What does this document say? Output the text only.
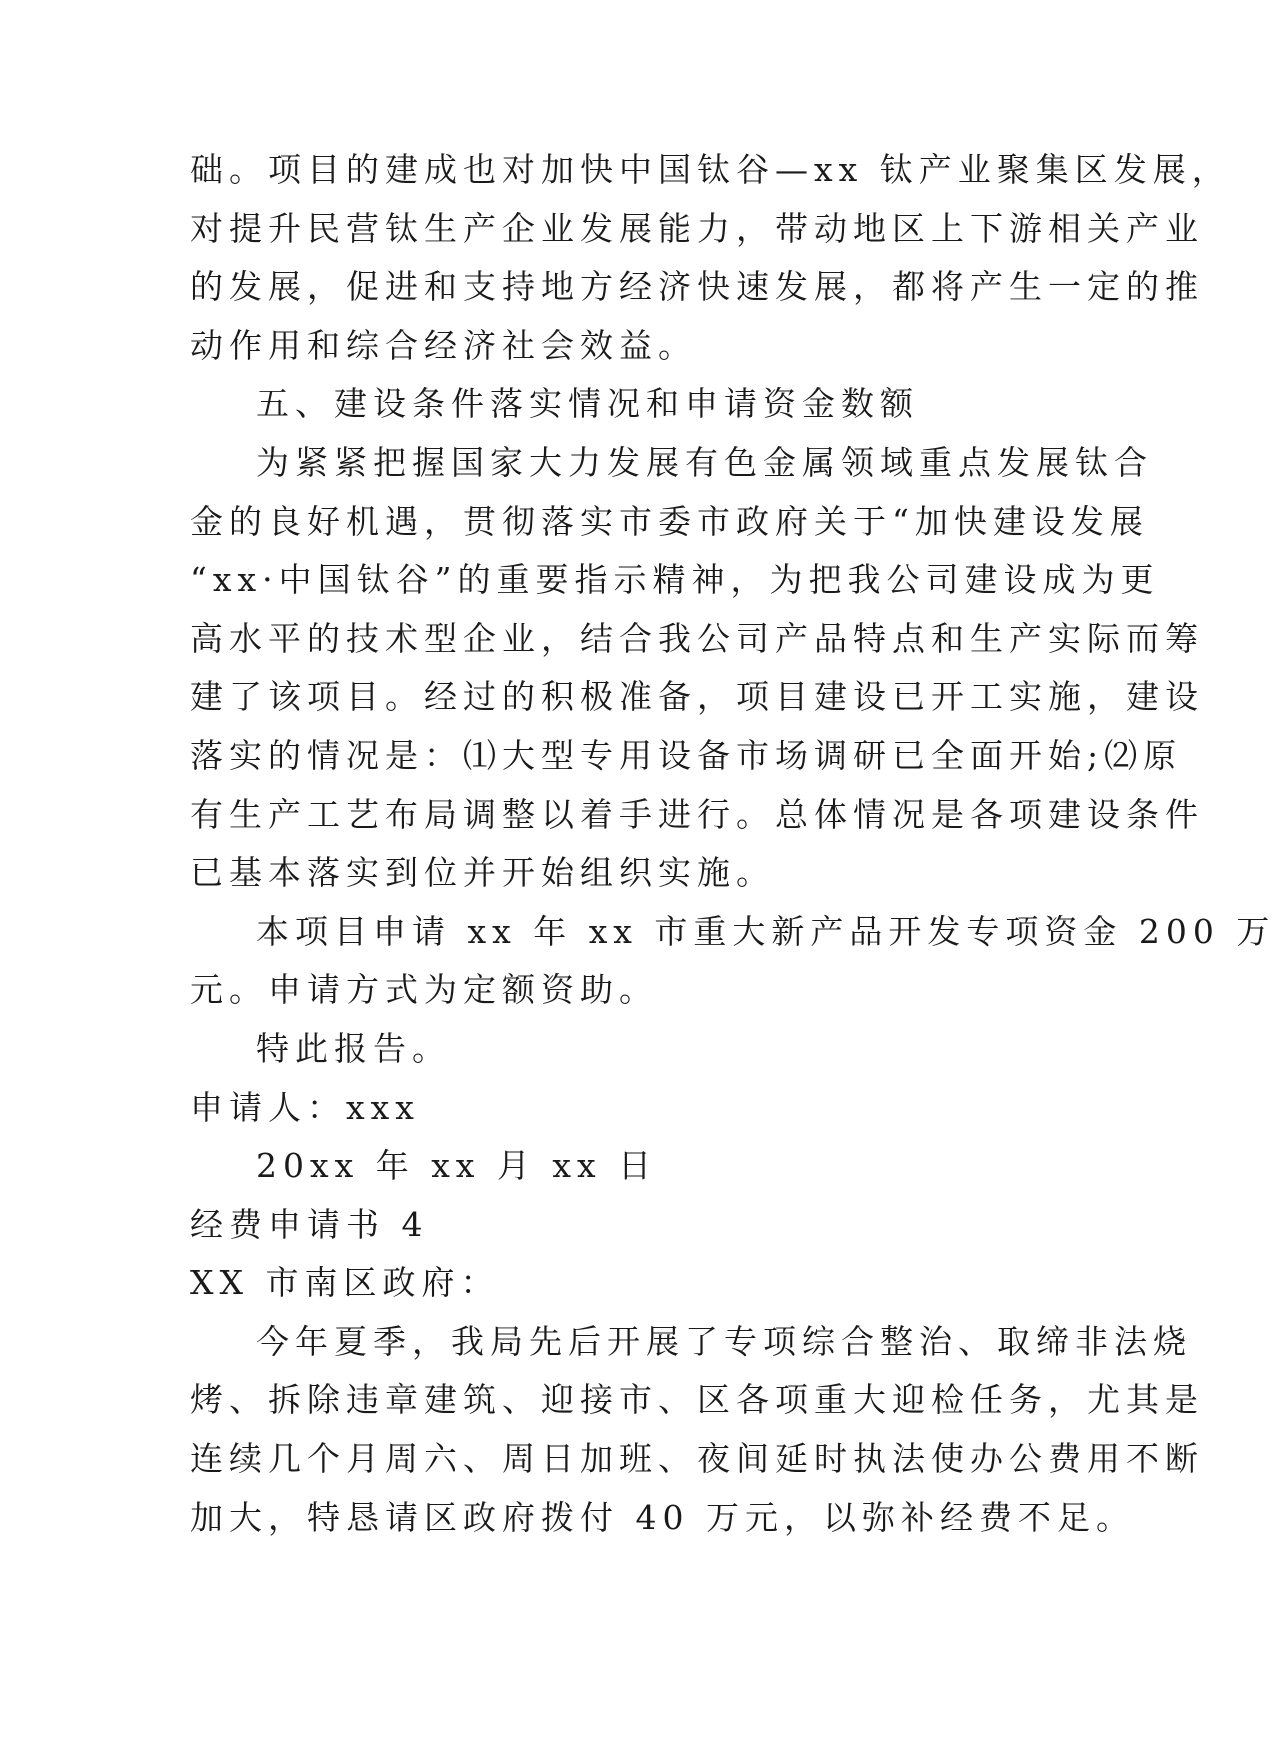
础。项目的建成也对加快中国钛谷—xx 钛产业聚集区发展，
对提升民营钛生产企业发展能力，带动地区上下游相关产业
的发展，促进和支持地方经济快速发展，都将产生一定的推
动作用和综合经济社会效益。
五、建设条件落实情况和申请资金数额
为紧紧把握国家大力发展有色金属领域重点发展钛合
金的良好机遇，贯彻落实市委市政府关于“加快建设发展
“xx·中国钛谷”的重要指示精神，为把我公司建设成为更
高水平的技术型企业，结合我公司产品特点和生产实际而筹
建了该项目。经过的积极准备，项目建设已开工实施，建设
落实的情况是：⑴大型专用设备市场调研已全面开始;⑵原
有生产工艺布局调整以着手进行。总体情况是各项建设条件
已基本落实到位并开始组织实施。
本项目申请 xx 年 xx 市重大新产品开发专项资金 200 万
元。申请方式为定额资助。
特此报告。
申请人：xxx
20xx 年 xx 月 xx 日
经费申请书 4
XX 市南区政府：
今年夏季，我局先后开展了专项综合整治、取缔非法烧
烤、拆除违章建筑、迎接市、区各项重大迎检任务，尤其是
连续几个月周六、周日加班、夜间延时执法使办公费用不断
加大，特恳请区政府拨付 40 万元，以弥补经费不足。
